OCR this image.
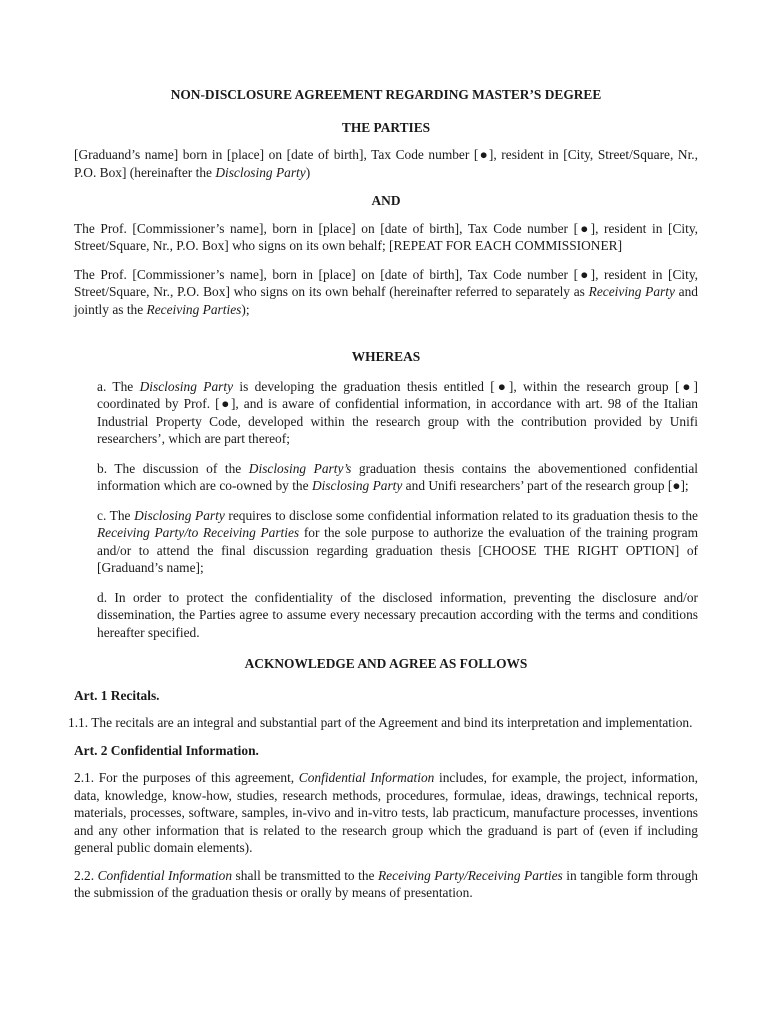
NON-DISCLOSURE AGREEMENT REGARDING MASTER’S DEGREE
THE PARTIES

[Graduand’s name] born in [place] on [date of birth], Tax Code number [●], resident in [City, Street/Square, Nr., P.O. Box] (hereinafter the Disclosing Party)

AND

The Prof. [Commissioner’s name], born in [place] on [date of birth], Tax Code number [●], resident in [City, Street/Square, Nr., P.O. Box] who signs on its own behalf; [REPEAT FOR EACH COMMISSIONER]

The Prof. [Commissioner’s name], born in [place] on [date of birth], Tax Code number [●], resident in [City, Street/Square, Nr., P.O. Box] who signs on its own behalf (hereinafter referred to separately as Receiving Party and jointly as the Receiving Parties);

WHEREAS

a. The Disclosing Party is developing the graduation thesis entitled [●], within the research group [●] coordinated by Prof. [●], and is aware of confidential information, in accordance with art. 98 of the Italian Industrial Property Code, developed within the research group with the contribution provided by Unifi researchers’, which are part thereof;

b. The discussion of the Disclosing Party’s graduation thesis contains the abovementioned confidential information which are co-owned by the Disclosing Party and Unifi researchers’ part of the research group [●];

c. The Disclosing Party requires to disclose some confidential information related to its graduation thesis to the Receiving Party/to Receiving Parties for the sole purpose to authorize the evaluation of the training program and/or to attend the final discussion regarding graduation thesis [CHOOSE THE RIGHT OPTION] of [Graduand’s name];

d. In order to protect the confidentiality of the disclosed information, preventing the disclosure and/or dissemination, the Parties agree to assume every necessary precaution according with the terms and conditions hereafter specified.

ACKNOWLEDGE AND AGREE AS FOLLOWS
Art. 1 Recitals.

1.1. The recitals are an integral and substantial part of the Agreement and bind its interpretation and implementation.

Art. 2 Confidential Information.

2.1. For the purposes of this agreement, Confidential Information includes, for example, the project, information, data, knowledge, know-how, studies, research methods, procedures, formulae, ideas, drawings, technical reports, materials, processes, software, samples, in-vivo and in-vitro tests, lab practicum, manufacture processes, inventions and any other information that is related to the research group which the graduand is part of (even if including general public domain elements).

2.2. Confidential Information shall be transmitted to the Receiving Party/Receiving Parties in tangible form through the submission of the graduation thesis or orally by means of presentation.
